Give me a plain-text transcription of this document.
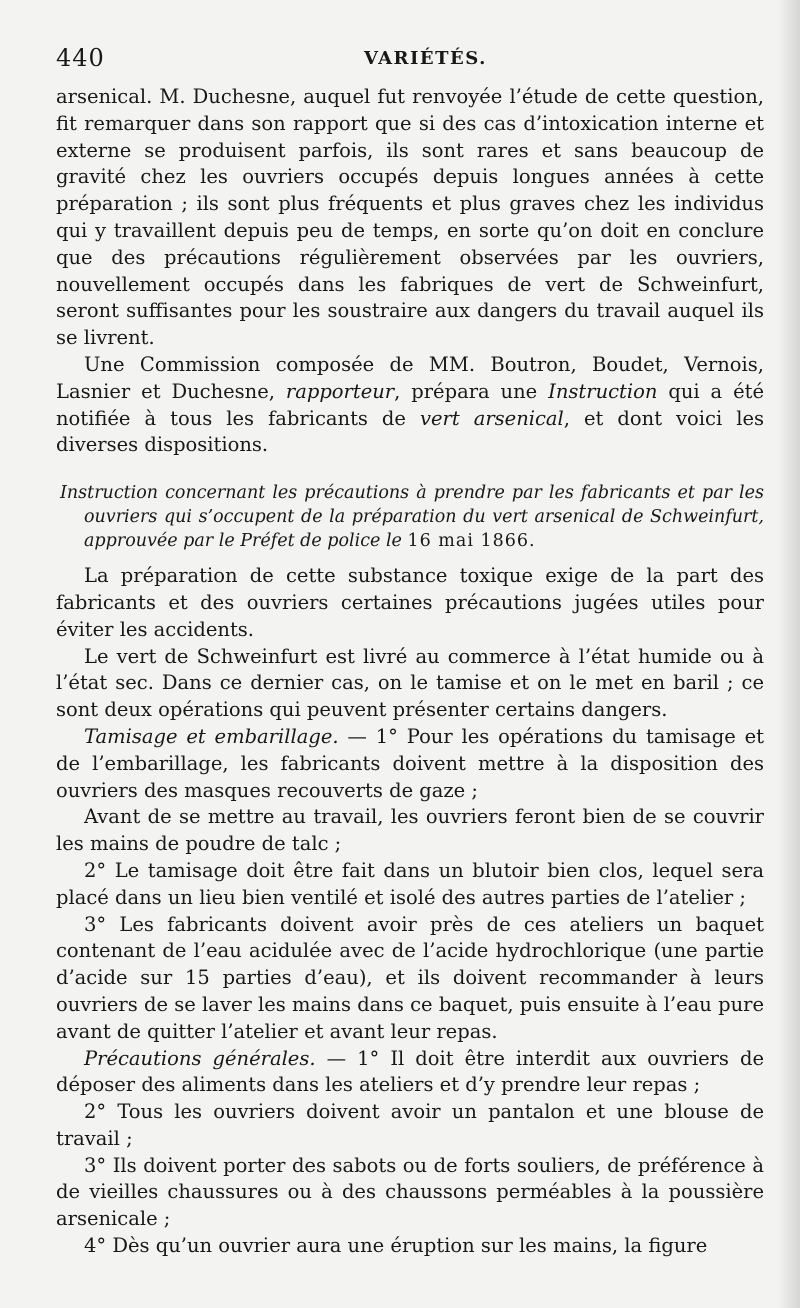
440	VARIÉTÉS.

arsenical. M. Duchesne, auquel fut renvoyée l’étude de cette question, fit remarquer dans son rapport que si des cas d’intoxication interne et externe se produisent parfois, ils sont rares et sans beaucoup de gravité chez les ouvriers occupés depuis longues années à cette préparation ; ils sont plus fréquents et plus graves chez les individus qui y travaillent depuis peu de temps, en sorte qu’on doit en conclure que des précautions régulièrement observées par les ouvriers, nouvellement occupés dans les fabriques de vert de Schweinfurt, seront suffisantes pour les soustraire aux dangers du travail auquel ils se livrent.

Une Commission composée de MM. Boutron, Boudet, Vernois, Lasnier et Duchesne, rapporteur, prépara une Instruction qui a été notifiée à tous les fabricants de vert arsenical, et dont voici les diverses dispositions.

Instruction concernant les précautions à prendre par les fabricants et par les ouvriers qui s’occupent de la préparation du vert arsenical de Schweinfurt, approuvée par le Préfet de police le 16 mai 1866.

La préparation de cette substance toxique exige de la part des fabricants et des ouvriers certaines précautions jugées utiles pour éviter les accidents.

Le vert de Schweinfurt est livré au commerce à l’état humide ou à l’état sec. Dans ce dernier cas, on le tamise et on le met en baril ; ce sont deux opérations qui peuvent présenter certains dangers.

Tamisage et embarillage. — 1° Pour les opérations du tamisage et de l’embarillage, les fabricants doivent mettre à la disposition des ouvriers des masques recouverts de gaze ;

Avant de se mettre au travail, les ouvriers feront bien de se couvrir les mains de poudre de talc ;

2° Le tamisage doit être fait dans un blutoir bien clos, lequel sera placé dans un lieu bien ventilé et isolé des autres parties de l’atelier ;

3° Les fabricants doivent avoir près de ces ateliers un baquet contenant de l’eau acidulée avec de l’acide hydrochlorique (une partie d’acide sur 15 parties d’eau), et ils doivent recommander à leurs ouvriers de se laver les mains dans ce baquet, puis ensuite à l’eau pure avant de quitter l’atelier et avant leur repas.

Précautions générales. — 1° Il doit être interdit aux ouvriers de déposer des aliments dans les ateliers et d’y prendre leur repas ;

2° Tous les ouvriers doivent avoir un pantalon et une blouse de travail ;

3° Ils doivent porter des sabots ou de forts souliers, de préférence à de vieilles chaussures ou à des chaussons perméables à la poussière arsenicale ;

4° Dès qu’un ouvrier aura une éruption sur les mains, la figure
